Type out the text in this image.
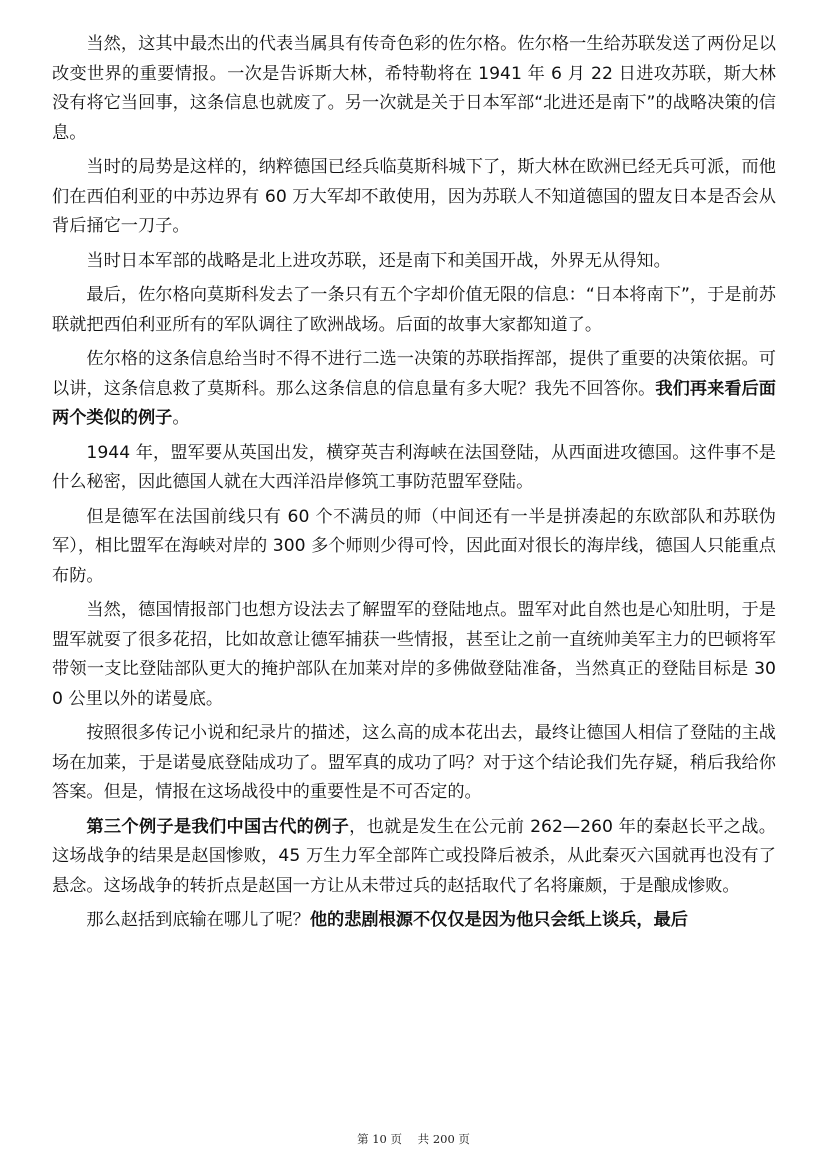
当然，这其中最杰出的代表当属具有传奇色彩的佐尔格。佐尔格一生给苏联发送了两份足以改变世界的重要情报。一次是告诉斯大林，希特勒将在 1941 年 6 月 22 日进攻苏联，斯大林没有将它当回事，这条信息也就废了。另一次就是关于日本军部“北进还是南下”的战略决策的信息。

当时的局势是这样的，纳粹德国已经兵临莫斯科城下了，斯大林在欧洲已经无兵可派，而他们在西伯利亚的中苏边界有 60 万大军却不敢使用，因为苏联人不知道德国的盟友日本是否会从背后捅它一刀子。

当时日本军部的战略是北上进攻苏联，还是南下和美国开战，外界无从得知。

最后，佐尔格向莫斯科发去了一条只有五个字却价值无限的信息：“日本将南下”，于是前苏联就把西伯利亚所有的军队调往了欧洲战场。后面的故事大家都知道了。

佐尔格的这条信息给当时不得不进行二选一决策的苏联指挥部，提供了重要的决策依据。可以讲，这条信息救了莫斯科。那么这条信息的信息量有多大呢？我先不回答你。我们再来看后面两个类似的例子。

1944 年，盟军要从英国出发，横穿英吉利海峡在法国登陆，从西面进攻德国。这件事不是什么秘密，因此德国人就在大西洋沿岸修筑工事防范盟军登陆。

但是德军在法国前线只有 60 个不满员的师（中间还有一半是拼凑起的东欧部队和苏联伪军），相比盟军在海峡对岸的 300 多个师则少得可怜，因此面对很长的海岸线，德国人只能重点布防。

当然，德国情报部门也想方设法去了解盟军的登陆地点。盟军对此自然也是心知肚明，于是盟军就耍了很多花招，比如故意让德军捕获一些情报，甚至让之前一直统帅美军主力的巴顿将军带领一支比登陆部队更大的掩护部队在加莱对岸的多佛做登陆准备，当然真正的登陆目标是 300 公里以外的诺曼底。

按照很多传记小说和纪录片的描述，这么高的成本花出去，最终让德国人相信了登陆的主战场在加莱，于是诺曼底登陆成功了。盟军真的成功了吗？对于这个结论我们先存疑，稍后我给你答案。但是，情报在这场战役中的重要性是不可否定的。

第三个例子是我们中国古代的例子，也就是发生在公元前 262—260 年的秦赵长平之战。这场战争的结果是赵国惨败，45 万生力军全部阵亡或投降后被杀，从此秦灭六国就再也没有了悬念。这场战争的转折点是赵国一方让从未带过兵的赵括取代了名将廉颇，于是酿成惨败。

那么赵括到底输在哪儿了呢？他的悲剧根源不仅仅是因为他只会纸上谈兵，最后

第 10 页 共 200 页
